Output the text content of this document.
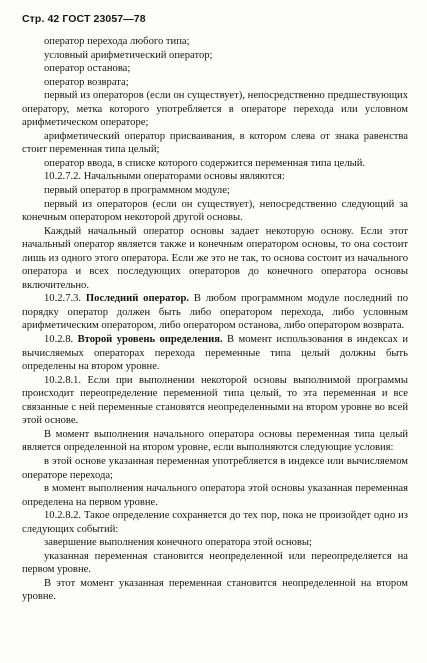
Стр. 42 ГОСТ 23057—78

оператор перехода любого типа;

условный арифметический оператор;

оператор останова;

оператор возврата;

первый из операторов (если он существует), непосредственно предшествующих оператору, метка которого употребляется в операторе перехода или условном арифметическом операторе;

арифметический оператор присваивания, в котором слева от знака равенства стоит переменная типа целый;

оператор ввода, в списке которого содержится переменная типа целый.

10.2.7.2. Начальными операторами основы являются:

первый оператор в программном модуле;

первый из операторов (если он существует), непосредственно следующий за конечным оператором некоторой другой основы.

Каждый начальный оператор основы задает некоторую основу. Если этот начальный оператор является также и конечным оператором основы, то она состоит лишь из одного этого оператора. Если же это не так, то основа состоит из начального оператора и всех последующих операторов до конечного оператора основы включительно.

10.2.7.3. Последний оператор. В любом программном модуле последний по порядку оператор должен быть либо оператором перехода, либо условным арифметическим оператором, либо оператором останова, либо оператором возврата.

10.2.8. Второй уровень определения. В момент использования в индексах и вычисляемых операторах перехода переменные типа целый должны быть определены на втором уровне.

10.2.8.1. Если при выполнении некоторой основы выполнимой программы происходит переопределение переменной типа целый, то эта переменная и все связанные с ней переменные становятся неопределенными на втором уровне во всей этой основе.

В момент выполнения начального оператора основы переменная типа целый является определенной на втором уровне, если выполняются следующие условия:

в этой основе указанная переменная употребляется в индексе или вычисляемом операторе перехода;

в момент выполнения начального оператора этой основы указанная переменная определена на первом уровне.

10.2.8.2. Такое определение сохраняется до тех пор, пока не произойдет одно из следующих событий:

завершение выполнения конечного оператора этой основы;

указанная переменная становится неопределенной или переопределяется на первом уровне.

В этот момент указанная переменная становится неопределенной на втором уровне.
